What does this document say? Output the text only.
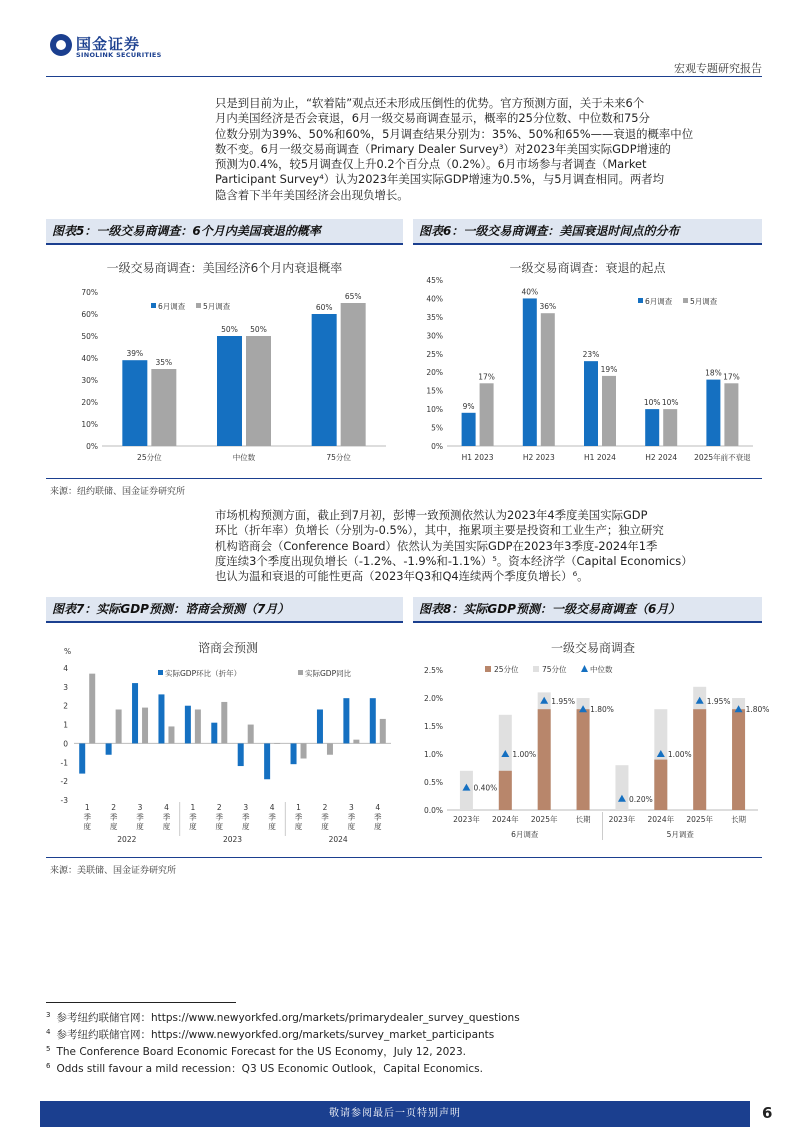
国金证券
SINOLINK SECURITIES
宏观专题研究报告

只是到目前为止，“软着陆”观点还未形成压倒性的优势。官方预测方面，关于未来6个

月内美国经济是否会衰退，6月一级交易商调查显示，概率的25分位数、中位数和75分

位数分别为39%、50%和60%，5月调查结果分别为：35%、50%和65%——衰退的概率中位

数不变。6月一级交易商调查（Primary Dealer Survey³）对2023年美国实际GDP增速的

预测为0.4%，较5月调查仅上升0.2个百分点（0.2%）。6月市场参与者调查（Market

Participant Survey⁴）认为2023年美国实际GDP增速为0.5%，与5月调查相同。两者均

隐含着下半年美国经济会出现负增长。

图表5：一级交易商调查：6个月内美国衰退的概率	图表6：一级交易商调查：美国衰退时间点的分布
一级交易商调查：美国经济6个月内衰退概率
0%
10%
20%
30%
40%
50%
60%
70%
39%
35%
25分位
50% 50%
中位数
60%
65%
75分位
6月调查 5月调查
一级交易商调查：衰退的起点
0%
5%
10%
15%
20%
25%
30%
35%
40%
45%
9%
17%
H1 2023
40%
36%
H2 2023
23%
19%
H1 2024
10% 10%
H2 2024
18% 17%
2025年前不衰退
6月调查 5月调查
来源：纽约联储、国金证券研究所

市场机构预测方面，截止到7月初，彭博一致预测依然认为2023年4季度美国实际GDP

环比（折年率）负增长（分别为-0.5%），其中，拖累项主要是投资和工业生产；独立研究

机构谘商会（Conference Board）依然认为美国实际GDP在2023年3季度-2024年1季

度连续3个季度出现负增长（-1.2%、-1.9%和-1.1%）⁵。资本经济学（Capital Economics）

也认为温和衰退的可能性更高（2023年Q3和Q4连续两个季度负增长）⁶。

图表7：实际GDP预测：谘商会预测（7月）	图表8：实际GDP预测：一级交易商调查（6月）
谘商会预测
%
-3
-2
-1
0
1
2
3
4
1 季度
2 季度
3 季度
4 季度
1 季度
2 季度
3 季度
4 季度
1 季度
2 季度
3 季度
4 季度
2022	2023	2024
实际GDP环比（折年）	实际GDP同比
一级交易商调查
0.0%
0.5%
1.0%
1.5%
2.0%
2.5%
0.40%
2023年
1.00%
2024年
1.95%
2025年
1.80%
长期
0.20%
2023年
1.00%
2024年
1.95%
2025年
1.80%
长期
6月调查	5月调查
25分位	75分位	中位数
来源：美联储、国金证券研究所
$^3$ 参考纽约联储官网：https://www.newyorkfed.org/markets/primarydealer_survey_questions
$^4$ 参考纽约联储官网：https://www.newyorkfed.org/markets/survey_market_participants
$^5$ The Conference Board Economic Forecast for the US Economy，July 12, 2023.
$^6$ Odds still favour a mild recession：Q3 US Economic Outlook，Capital Economics.
敬请参阅最后一页特别声明	6
